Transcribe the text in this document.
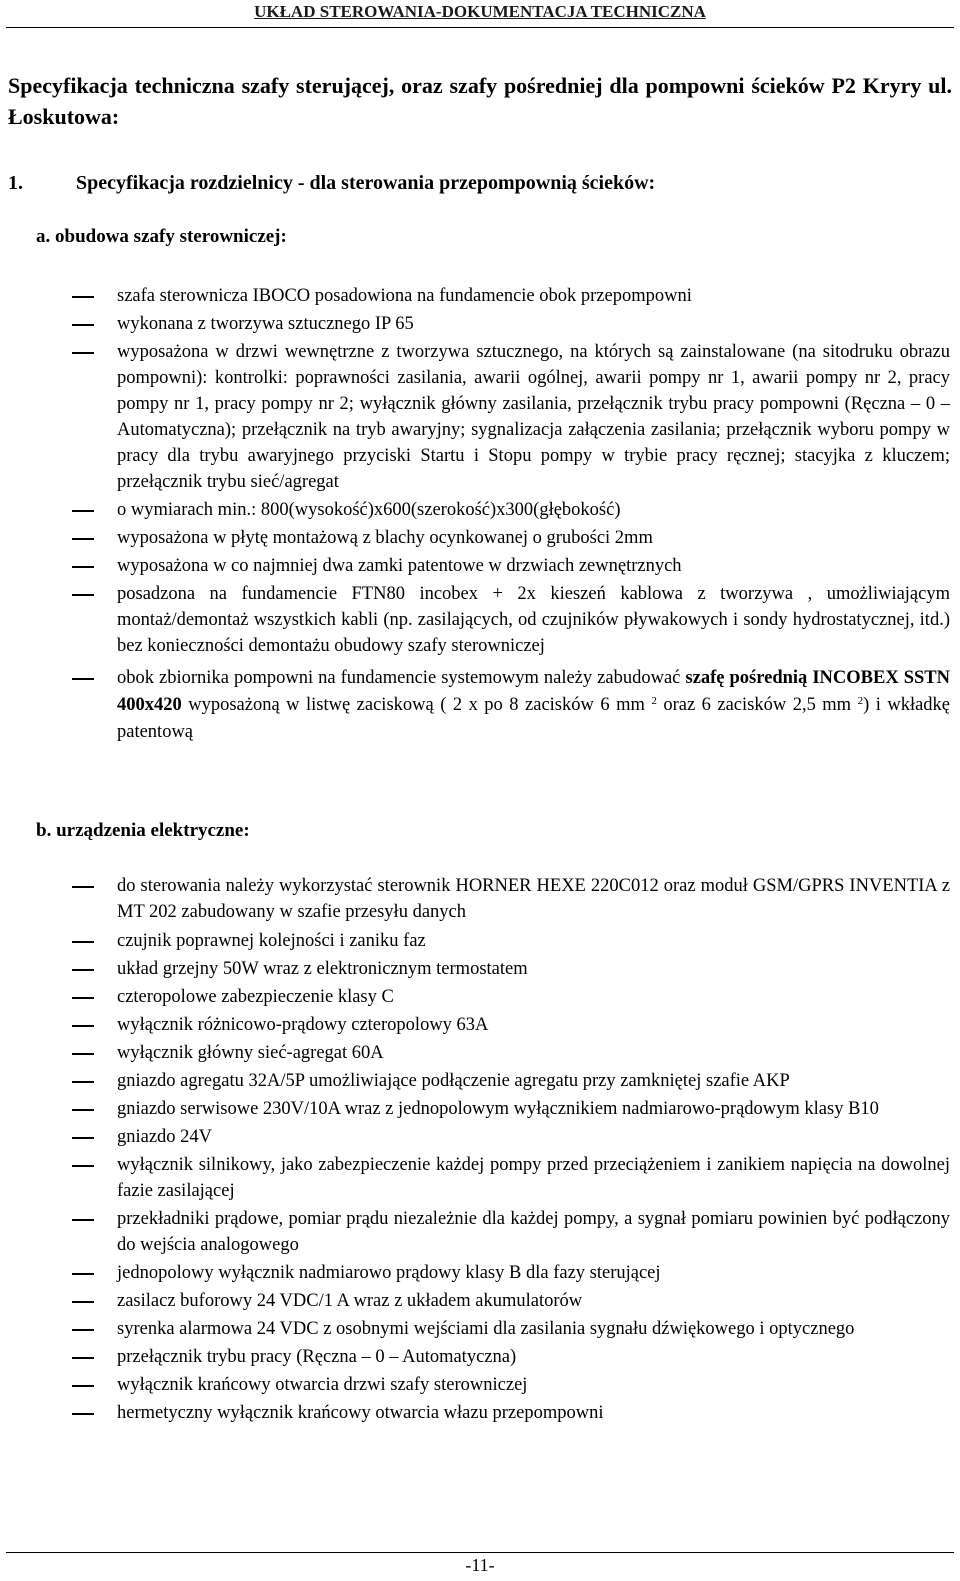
UKŁAD STEROWANIA-DOKUMENTACJA TECHNICZNA
Specyfikacja techniczna szafy sterującej, oraz szafy pośredniej dla pompowni ścieków P2 Kryry ul. Łoskutowa:
1.	Specyfikacja rozdzielnicy - dla sterowania przepompownią ścieków:
a. obudowa szafy sterowniczej:
szafa sterownicza IBOCO posadowiona na fundamencie obok przepompowni
wykonana z tworzywa sztucznego IP 65
wyposażona w drzwi wewnętrzne z tworzywa sztucznego, na których są zainstalowane (na sitodruku obrazu pompowni): kontrolki: poprawności zasilania, awarii ogólnej, awarii pompy nr 1, awarii pompy nr 2, pracy pompy nr 1, pracy pompy nr 2; wyłącznik główny zasilania, przełącznik trybu pracy pompowni (Ręczna – 0 – Automatyczna); przełącznik na tryb awaryjny; sygnalizacja załączenia zasilania; przełącznik wyboru pompy w pracy dla trybu awaryjnego przyciski Startu i Stopu pompy w trybie pracy ręcznej; stacyjka z kluczem; przełącznik trybu sieć/agregat
o wymiarach min.: 800(wysokość)x600(szerokość)x300(głębokość)
wyposażona w płytę montażową z blachy ocynkowanej o grubości 2mm
wyposażona w co najmniej dwa zamki patentowe w drzwiach zewnętrznych
posadzona na fundamencie FTN80 incobex + 2x kieszeń kablowa z tworzywa , umożliwiającym montaż/demontaż wszystkich kabli (np. zasilających, od czujników pływakowych i sondy hydrostatycznej, itd.) bez konieczności demontażu obudowy szafy sterowniczej
obok zbiornika pompowni na fundamencie systemowym należy zabudować szafę pośrednią INCOBEX SSTN 400x420 wyposażoną w listwę zaciskową ( 2 x po 8 zacisków 6 mm $^2$ oraz 6 zacisków 2,5 mm $^2$) i wkładkę patentową
b. urządzenia elektryczne:
do sterowania należy wykorzystać sterownik HORNER HEXE 220C012 oraz moduł GSM/GPRS INVENTIA z MT 202 zabudowany w szafie przesyłu danych
czujnik poprawnej kolejności i zaniku faz
układ grzejny 50W wraz z elektronicznym termostatem
czteropolowe zabezpieczenie klasy C
wyłącznik różnicowo-prądowy czteropolowy 63A
wyłącznik główny sieć-agregat 60A
gniazdo agregatu 32A/5P umożliwiające podłączenie agregatu przy zamkniętej szafie AKP
gniazdo serwisowe 230V/10A wraz z jednopolowym wyłącznikiem nadmiarowo-prądowym klasy B10
gniazdo 24V
wyłącznik silnikowy, jako zabezpieczenie każdej pompy przed przeciążeniem i zanikiem napięcia na dowolnej fazie zasilającej
przekładniki prądowe, pomiar prądu niezależnie dla każdej pompy, a sygnał pomiaru powinien być podłączony do wejścia analogowego
jednopolowy wyłącznik nadmiarowo prądowy klasy B dla fazy sterującej
zasilacz buforowy 24 VDC/1 A wraz z układem akumulatorów
syrenka alarmowa 24 VDC z osobnymi wejściami dla zasilania sygnału dźwiękowego i optycznego
przełącznik trybu pracy (Ręczna – 0 – Automatyczna)
wyłącznik krańcowy otwarcia drzwi szafy sterowniczej
hermetyczny wyłącznik krańcowy otwarcia włazu przepompowni
-11-
